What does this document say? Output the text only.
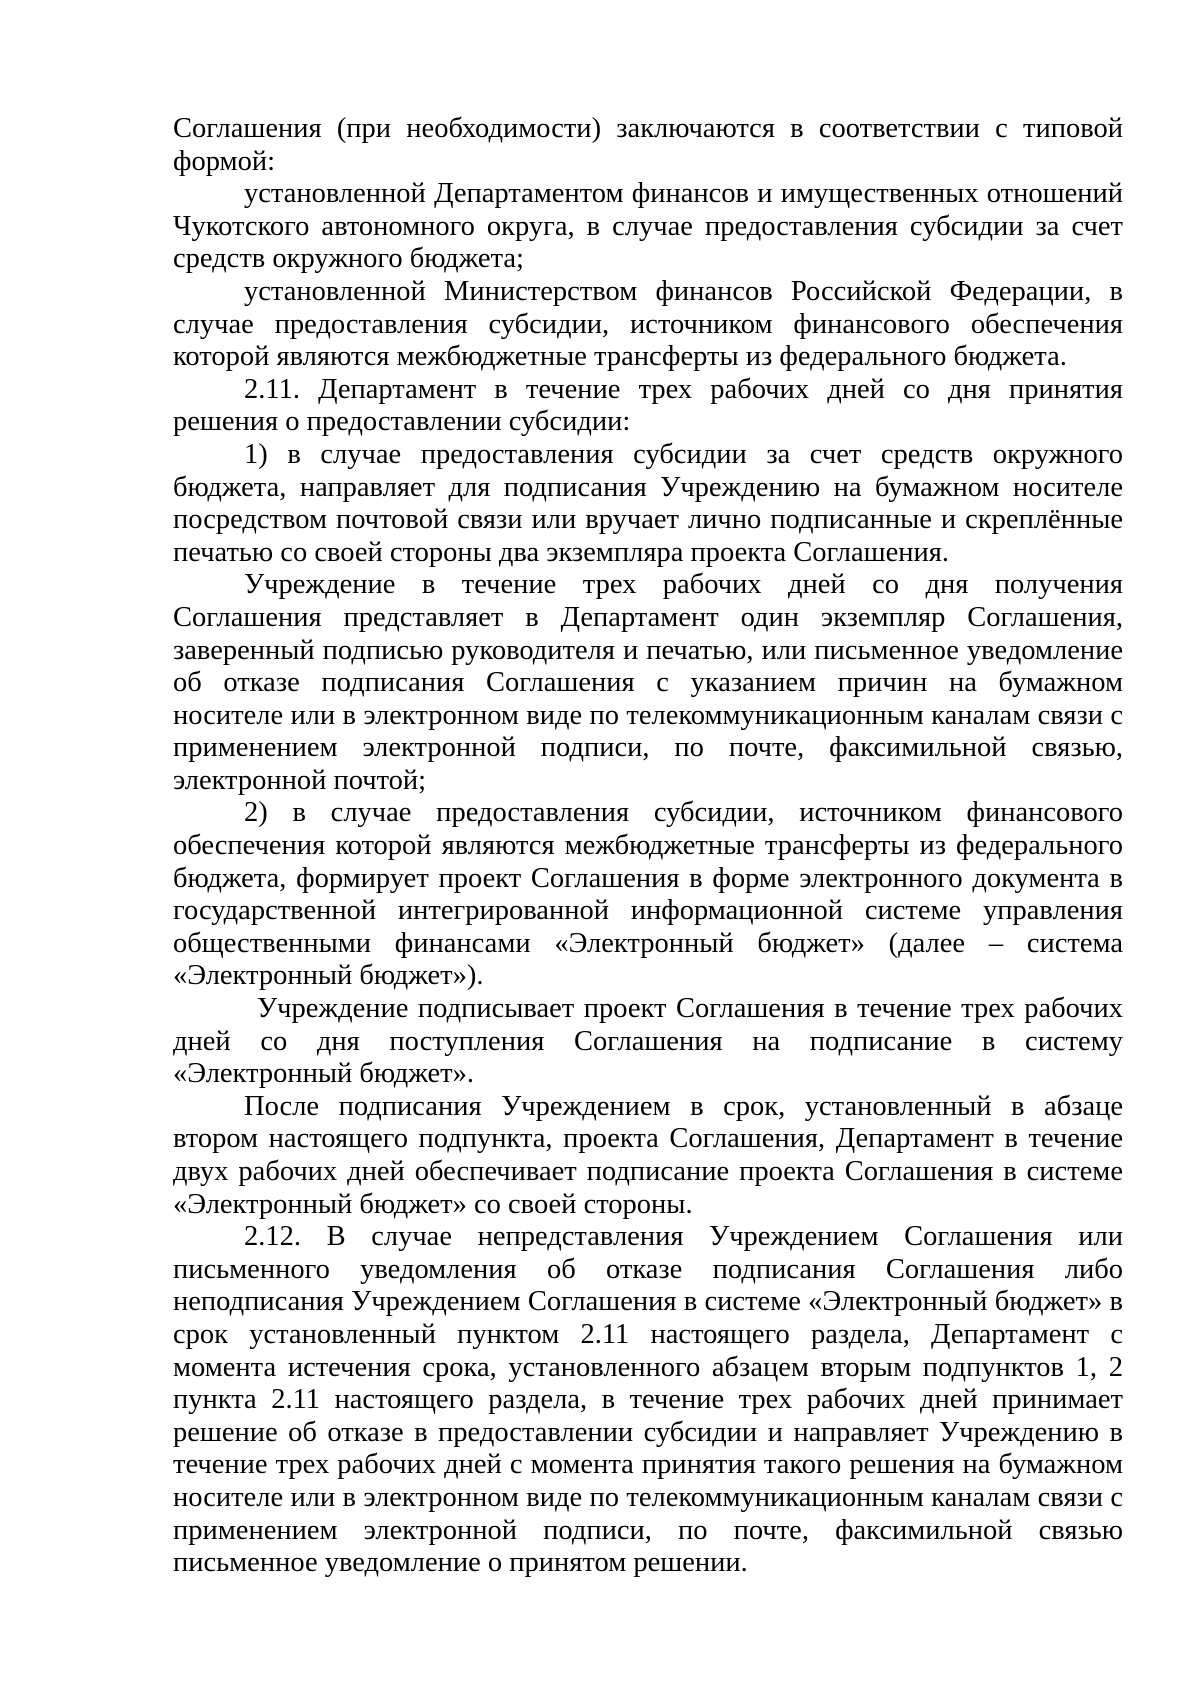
Соглашения (при необходимости) заключаются в соответствии с типовой формой:

установленной Департаментом финансов и имущественных отношений Чукотского автономного округа, в случае предоставления субсидии за счет средств окружного бюджета;

установленной Министерством финансов Российской Федерации, в случае предоставления субсидии, источником финансового обеспечения которой являются межбюджетные трансферты из федерального бюджета.

2.11. Департамент в течение трех рабочих дней со дня принятия решения о предоставлении субсидии:

1) в случае предоставления субсидии за счет средств окружного бюджета, направляет для подписания Учреждению на бумажном носителе посредством почтовой связи или вручает лично подписанные и скреплённые печатью со своей стороны два экземпляра проекта Соглашения.

Учреждение в течение трех рабочих дней со дня получения Соглашения представляет в Департамент один экземпляр Соглашения, заверенный подписью руководителя и печатью, или письменное уведомление об отказе подписания Соглашения с указанием причин на бумажном носителе или в электронном виде по телекоммуникационным каналам связи с применением электронной подписи, по почте, факсимильной связью, электронной почтой;

2) в случае предоставления субсидии, источником финансового обеспечения которой являются межбюджетные трансферты из федерального бюджета, формирует проект Соглашения в форме электронного документа в государственной интегрированной информационной системе управления общественными финансами «Электронный бюджет» (далее – система «Электронный бюджет»).

Учреждение подписывает проект Соглашения в течение трех рабочих дней со дня поступления Соглашения на подписание в систему «Электронный бюджет».

После подписания Учреждением в срок, установленный в абзаце втором настоящего подпункта, проекта Соглашения, Департамент в течение двух рабочих дней обеспечивает подписание проекта Соглашения в системе «Электронный бюджет» со своей стороны.

2.12. В случае непредставления Учреждением Соглашения или письменного уведомления об отказе подписания Соглашения либо неподписания Учреждением Соглашения в системе «Электронный бюджет» в срок установленный пунктом 2.11 настоящего раздела, Департамент с момента истечения срока, установленного абзацем вторым подпунктов 1, 2 пункта 2.11 настоящего раздела, в течение трех рабочих дней принимает решение об отказе в предоставлении субсидии и направляет Учреждению в течение трех рабочих дней с момента принятия такого решения на бумажном носителе или в электронном виде по телекоммуникационным каналам связи с применением электронной подписи, по почте, факсимильной связью письменное уведомление о принятом решении.
